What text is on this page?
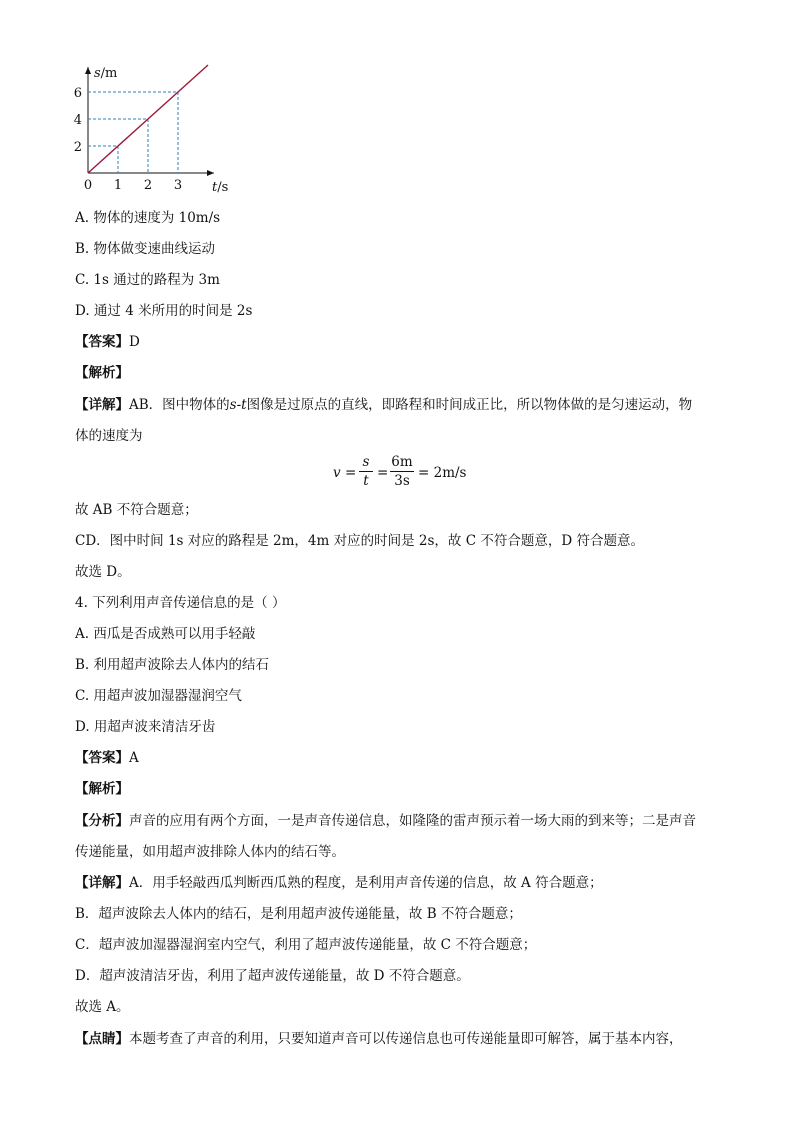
0 1 2 3
2
4
6
t/s
s/m
A. 物体的速度为 10m/s
B. 物体做变速曲线运动
C. 1s 通过的路程为 3m
D. 通过 4 米所用的时间是 2s
【答案】D
【解析】
【详解】AB．图中物体的s-t图像是过原点的直线，即路程和时间成正比，所以物体做的是匀速运动，物
体的速度为
v =
s
t =
6m
3s = 2m/s
故 AB 不符合题意；
CD．图中时间 1s 对应的路程是 2m，4m 对应的时间是 2s，故 C 不符合题意，D 符合题意。
故选 D。
4. 下列利用声音传递信息的是（ ）
A. 西瓜是否成熟可以用手轻敲
B. 利用超声波除去人体内的结石
C. 用超声波加湿器湿润空气
D. 用超声波来清洁牙齿
【答案】A
【解析】
【分析】声音的应用有两个方面，一是声音传递信息，如隆隆的雷声预示着一场大雨的到来等；二是声音
传递能量，如用超声波排除人体内的结石等。
【详解】A．用手轻敲西瓜判断西瓜熟的程度，是利用声音传递的信息，故 A 符合题意；
B．超声波除去人体内的结石，是利用超声波传递能量，故 B 不符合题意；
C．超声波加湿器湿润室内空气，利用了超声波传递能量，故 C 不符合题意；
D．超声波清洁牙齿，利用了超声波传递能量，故 D 不符合题意。
故选 A。
【点睛】本题考查了声音的利用，只要知道声音可以传递信息也可传递能量即可解答，属于基本内容，
